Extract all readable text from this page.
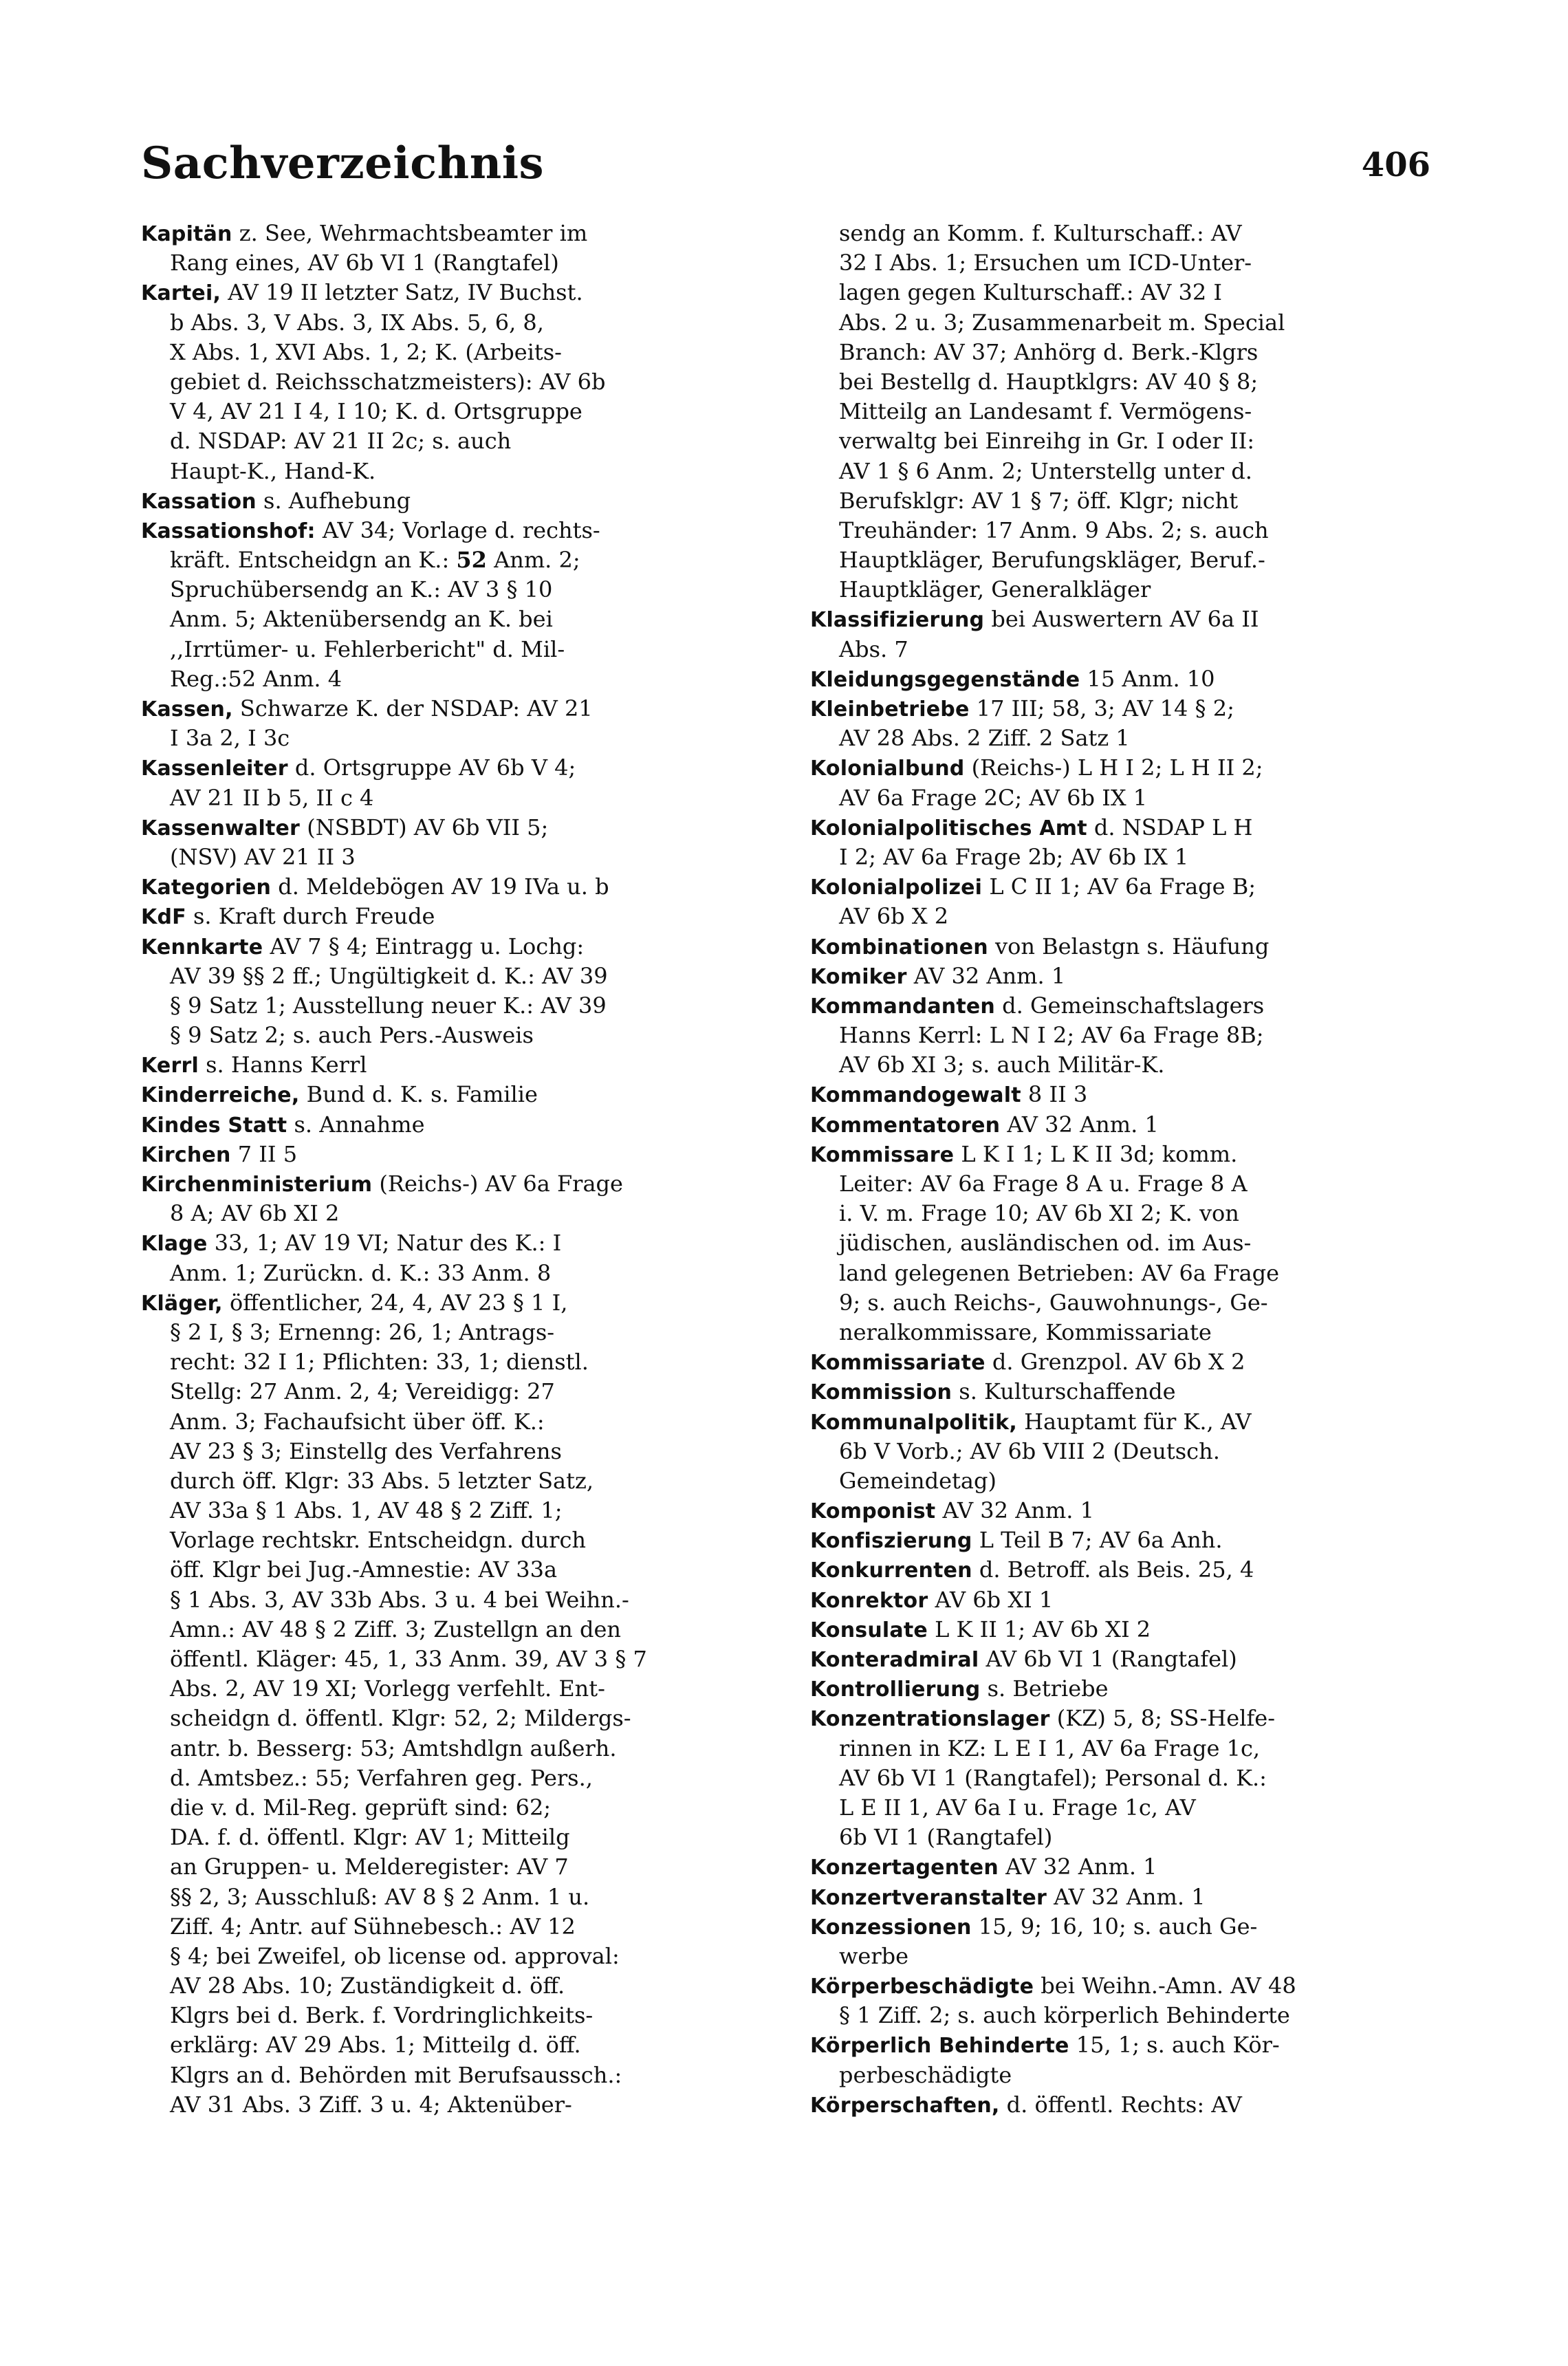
Sachverzeichnis	406
Kapitän z. See, Wehrmachtsbeamter im
Rang eines, AV 6b VI 1 (Rangtafel)
Kartei, AV 19 II letzter Satz, IV Buchst.
b Abs. 3, V Abs. 3, IX Abs. 5, 6, 8,
X Abs. 1, XVI Abs. 1, 2; K. (Arbeits-
gebiet d. Reichsschatzmeisters): AV 6b
V 4, AV 21 I 4, I 10; K. d. Ortsgruppe
d. NSDAP: AV 21 II 2c; s. auch
Haupt-K., Hand-K.
Kassation s. Aufhebung
Kassationshof: AV 34; Vorlage d. rechts-
kräft. Entscheidgn an K.: 52 Anm. 2;
Spruchübersendg an K.: AV 3 § 10
Anm. 5; Aktenübersendg an K. bei
,,Irrtümer- u. Fehlerbericht" d. Mil-
Reg.:52 Anm. 4
Kassen, Schwarze K. der NSDAP: AV 21
I 3a 2, I 3c
Kassenleiter d. Ortsgruppe AV 6b V 4;
AV 21 II b 5, II c 4
Kassenwalter (NSBDT) AV 6b VII 5;
(NSV) AV 21 II 3
Kategorien d. Meldebögen AV 19 IVa u. b
KdF s. Kraft durch Freude
Kennkarte AV 7 § 4; Eintragg u. Lochg:
AV 39 §§ 2 ff.; Ungültigkeit d. K.: AV 39
§ 9 Satz 1; Ausstellung neuer K.: AV 39
§ 9 Satz 2; s. auch Pers.-Ausweis
Kerrl s. Hanns Kerrl
Kinderreiche, Bund d. K. s. Familie
Kindes Statt s. Annahme
Kirchen 7 II 5
Kirchenministerium (Reichs-) AV 6a Frage
8 A; AV 6b XI 2
Klage 33, 1; AV 19 VI; Natur des K.: I
Anm. 1; Zurückn. d. K.: 33 Anm. 8
Kläger, öffentlicher, 24, 4, AV 23 § 1 I,
§ 2 I, § 3; Ernenng: 26, 1; Antrags-
recht: 32 I 1; Pflichten: 33, 1; dienstl.
Stellg: 27 Anm. 2, 4; Vereidigg: 27
Anm. 3; Fachaufsicht über öff. K.:
AV 23 § 3; Einstellg des Verfahrens
durch öff. Klgr: 33 Abs. 5 letzter Satz,
AV 33a § 1 Abs. 1, AV 48 § 2 Ziff. 1;
Vorlage rechtskr. Entscheidgn. durch
öff. Klgr bei Jug.-Amnestie: AV 33a
§ 1 Abs. 3, AV 33b Abs. 3 u. 4 bei Weihn.-
Amn.: AV 48 § 2 Ziff. 3; Zustellgn an den
öffentl. Kläger: 45, 1, 33 Anm. 39, AV 3 § 7
Abs. 2, AV 19 XI; Vorlegg verfehlt. Ent-
scheidgn d. öffentl. Klgr: 52, 2; Mildergs-
antr. b. Besserg: 53; Amtshdlgn außerh.
d. Amtsbez.: 55; Verfahren geg. Pers.,
die v. d. Mil-Reg. geprüft sind: 62;
DA. f. d. öffentl. Klgr: AV 1; Mitteilg
an Gruppen- u. Melderegister: AV 7
§§ 2, 3; Ausschluß: AV 8 § 2 Anm. 1 u.
Ziff. 4; Antr. auf Sühnebesch.: AV 12
§ 4; bei Zweifel, ob license od. approval:
AV 28 Abs. 10; Zuständigkeit d. öff.
Klgrs bei d. Berk. f. Vordringlichkeits-
erklärg: AV 29 Abs. 1; Mitteilg d. öff.
Klgrs an d. Behörden mit Berufsaussch.:
AV 31 Abs. 3 Ziff. 3 u. 4; Aktenüber-
sendg an Komm. f. Kulturschaff.: AV
32 I Abs. 1; Ersuchen um ICD-Unter-
lagen gegen Kulturschaff.: AV 32 I
Abs. 2 u. 3; Zusammenarbeit m. Special
Branch: AV 37; Anhörg d. Berk.-Klgrs
bei Bestellg d. Hauptklgrs: AV 40 § 8;
Mitteilg an Landesamt f. Vermögens-
verwaltg bei Einreihg in Gr. I oder II:
AV 1 § 6 Anm. 2; Unterstellg unter d.
Berufsklgr: AV 1 § 7; öff. Klgr; nicht
Treuhänder: 17 Anm. 9 Abs. 2; s. auch
Hauptkläger, Berufungskläger, Beruf.-
Hauptkläger, Generalkläger
Klassifizierung bei Auswertern AV 6a II
Abs. 7
Kleidungsgegenstände 15 Anm. 10
Kleinbetriebe 17 III; 58, 3; AV 14 § 2;
AV 28 Abs. 2 Ziff. 2 Satz 1
Kolonialbund (Reichs-) L H I 2; L H II 2;
AV 6a Frage 2C; AV 6b IX 1
Kolonialpolitisches Amt d. NSDAP L H
I 2; AV 6a Frage 2b; AV 6b IX 1
Kolonialpolizei L C II 1; AV 6a Frage B;
AV 6b X 2
Kombinationen von Belastgn s. Häufung
Komiker AV 32 Anm. 1
Kommandanten d. Gemeinschaftslagers
Hanns Kerrl: L N I 2; AV 6a Frage 8B;
AV 6b XI 3; s. auch Militär-K.
Kommandogewalt 8 II 3
Kommentatoren AV 32 Anm. 1
Kommissare L K I 1; L K II 3d; komm.
Leiter: AV 6a Frage 8 A u. Frage 8 A
i. V. m. Frage 10; AV 6b XI 2; K. von
jüdischen, ausländischen od. im Aus-
land gelegenen Betrieben: AV 6a Frage
9; s. auch Reichs-, Gauwohnungs-, Ge-
neralkommissare, Kommissariate
Kommissariate d. Grenzpol. AV 6b X 2
Kommission s. Kulturschaffende
Kommunalpolitik, Hauptamt für K., AV
6b V Vorb.; AV 6b VIII 2 (Deutsch.
Gemeindetag)
Komponist AV 32 Anm. 1
Konfiszierung L Teil B 7; AV 6a Anh.
Konkurrenten d. Betroff. als Beis. 25, 4
Konrektor AV 6b XI 1
Konsulate L K II 1; AV 6b XI 2
Konteradmiral AV 6b VI 1 (Rangtafel)
Kontrollierung s. Betriebe
Konzentrationslager (KZ) 5, 8; SS-Helfe-
rinnen in KZ: L E I 1, AV 6a Frage 1c,
AV 6b VI 1 (Rangtafel); Personal d. K.:
L E II 1, AV 6a I u. Frage 1c, AV
6b VI 1 (Rangtafel)
Konzertagenten AV 32 Anm. 1
Konzertveranstalter AV 32 Anm. 1
Konzessionen 15, 9; 16, 10; s. auch Ge-
werbe
Körperbeschädigte bei Weihn.-Amn. AV 48
§ 1 Ziff. 2; s. auch körperlich Behinderte
Körperlich Behinderte 15, 1; s. auch Kör-
perbeschädigte
Körperschaften, d. öffentl. Rechts: AV
